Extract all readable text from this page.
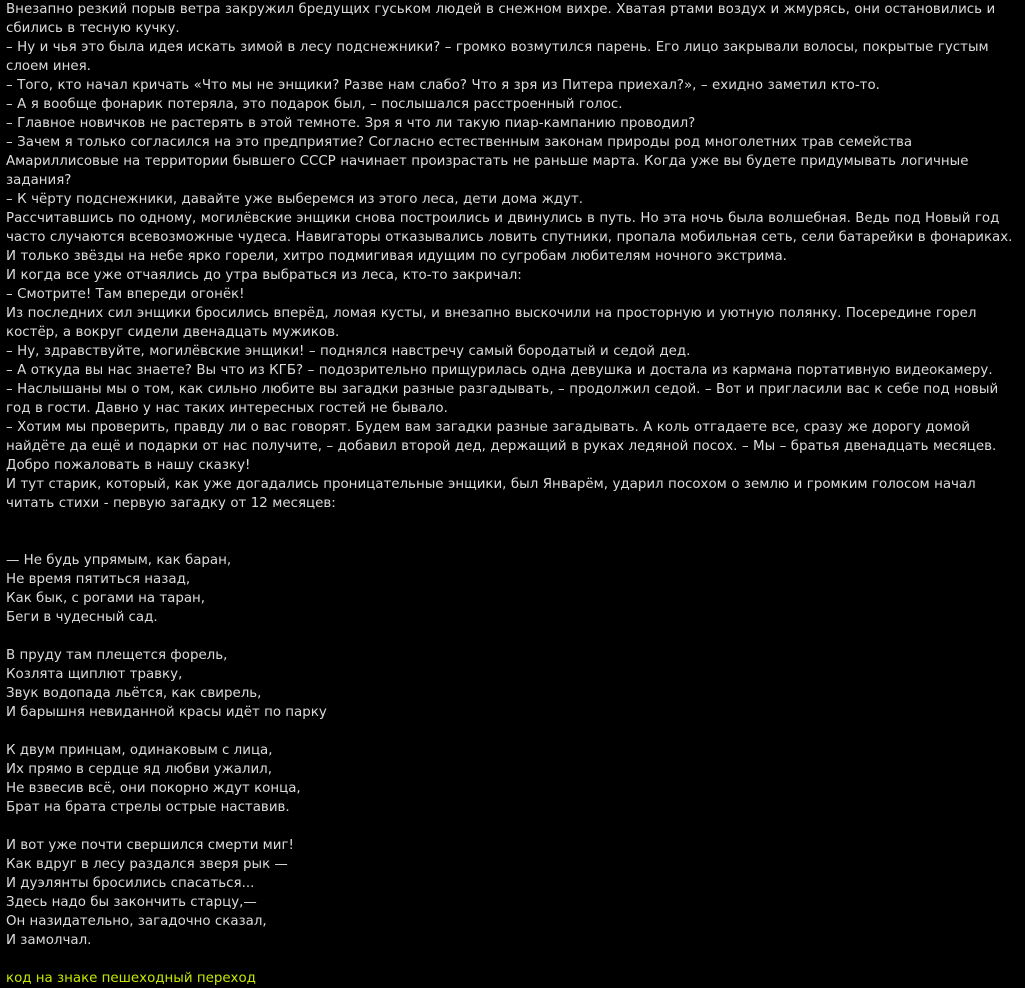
Внезапно резкий порыв ветра закружил бредущих гуськом людей в снежном вихре. Хватая ртами воздух и жмурясь, они остановились и сбились в тесную кучку.

– Ну и чья это была идея искать зимой в лесу подснежники? – громко возмутился парень. Его лицо закрывали волосы, покрытые густым слоем инея.

– Того, кто начал кричать «Что мы не энщики? Разве нам слабо? Что я зря из Питера приехал?», – ехидно заметил кто-то.

– А я вообще фонарик потеряла, это подарок был, – послышался расстроенный голос.

– Главное новичков не растерять в этой темноте. Зря я что ли такую пиар-кампанию проводил?

– Зачем я только согласился на это предприятие? Согласно естественным законам природы род многолетних трав семейства Амариллисовые на территории бывшего СССР начинает произрастать не раньше марта. Когда уже вы будете придумывать логичные задания?

– К чёрту подснежники, давайте уже выберемся из этого леса, дети дома ждут.

Рассчитавшись по одному, могилёвские энщики снова построились и двинулись в путь. Но эта ночь была волшебная. Ведь под Новый год часто случаются всевозможные чудеса. Навигаторы отказывались ловить спутники, пропала мобильная сеть, сели батарейки в фонариках. И только звёзды на небе ярко горели, хитро подмигивая идущим по сугробам любителям ночного экстрима.

И когда все уже отчаялись до утра выбраться из леса, кто-то закричал:

– Смотрите! Там впереди огонёк!

Из последних сил энщики бросились вперёд, ломая кусты, и внезапно выскочили на просторную и уютную полянку. Посередине горел костёр, а вокруг сидели двенадцать мужиков.

– Ну, здравствуйте, могилёвские энщики! – поднялся навстречу самый бородатый и седой дед.

– А откуда вы нас знаете? Вы что из КГБ? – подозрительно прищурилась одна девушка и достала из кармана портативную видеокамеру.

– Наслышаны мы о том, как сильно любите вы загадки разные разгадывать, – продолжил седой. – Вот и пригласили вас к себе под новый год в гости. Давно у нас таких интересных гостей не бывало.

– Хотим мы проверить, правду ли о вас говорят. Будем вам загадки разные загадывать. А коль отгадаете все, сразу же дорогу домой найдёте да ещё и подарки от нас получите, – добавил второй дед, держащий в руках ледяной посох. – Мы – братья двенадцать месяцев. Добро пожаловать в нашу сказку!

И тут старик, который, как уже догадались проницательные энщики, был Январём, ударил посохом о землю и громким голосом начал читать стихи - первую загадку от 12 месяцев:

— Не будь упрямым, как баран,

Не время пятиться назад,

Как бык, с рогами на таран,

Беги в чудесный сад.

В пруду там плещется форель,

Козлята щиплют травку,

Звук водопада льётся, как свирель,

И барышня невиданной красы идёт по парку

К двум принцам, одинаковым с лица,

Их прямо в сердце яд любви ужалил,

Не взвесив всё, они покорно ждут конца,

Брат на брата стрелы острые наставив.

И вот уже почти свершился смерти миг!

Как вдруг в лесу раздался зверя рык —

И дуэлянты бросились спасаться...

Здесь надо бы закончить старцу,—

Он назидательно, загадочно сказал,

И замолчал.

код на знаке пешеходный переход
